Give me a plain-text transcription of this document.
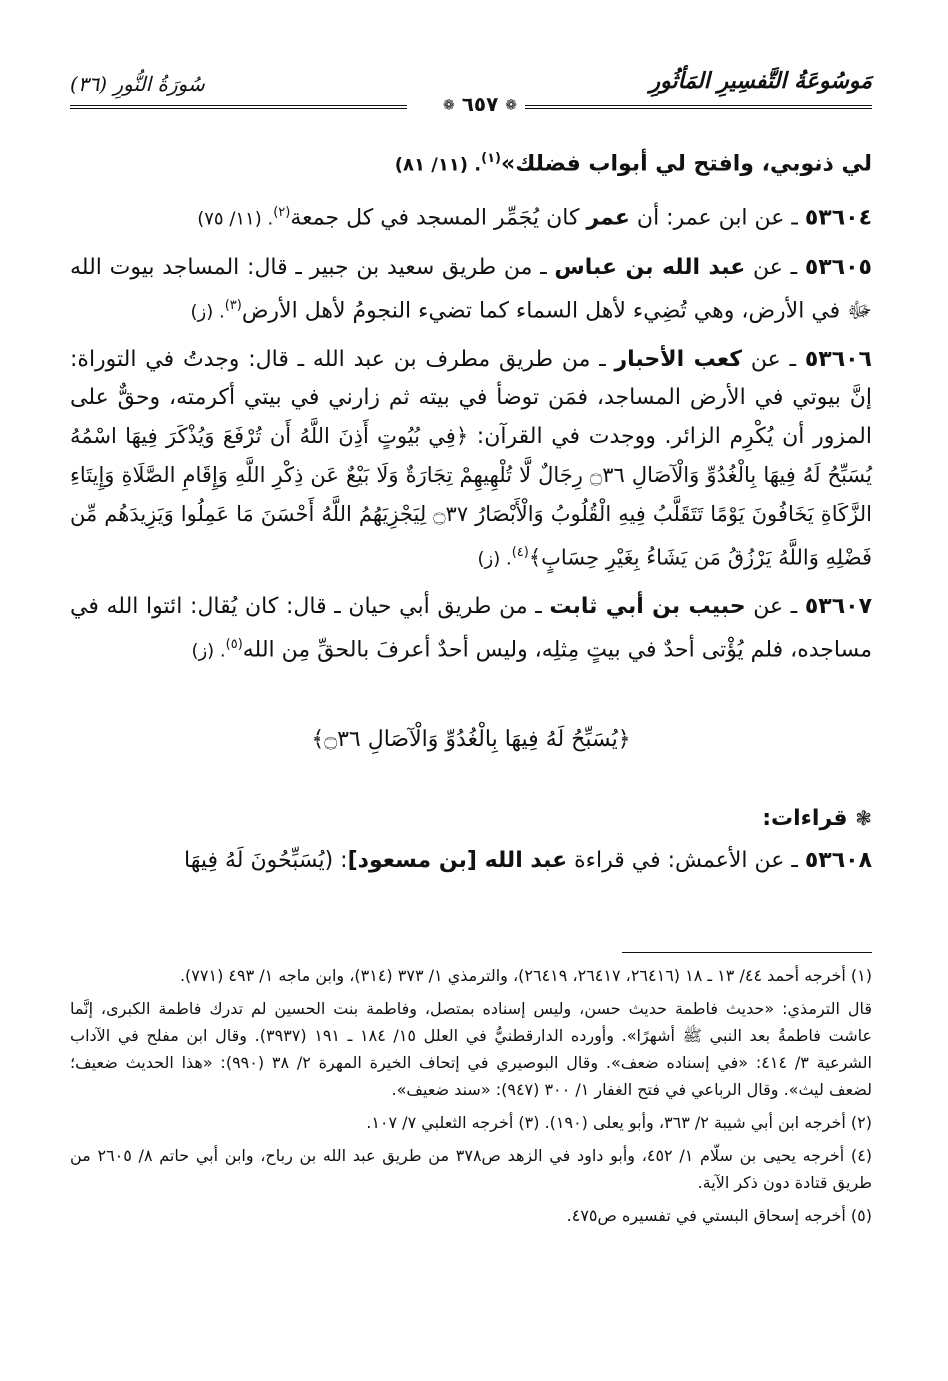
مَوسُوعَةُ التَّفسِيرِ المَأثُورِ
سُورَةُ النُّورِ (٣٦)
❁ ٦٥٧ ❁

لي ذنوبي، وافتح لي أبواب فضلك»$^{(١)}$. (١١/ ٨١)

٥٣٦٠٤ ـ عن ابن عمر: أن عمر كان يُجَمِّر المسجد في كل جمعة$^{(٢)}$. (١١/ ٧٥)

٥٣٦٠٥ ـ عن عبد الله بن عباس ـ من طريق سعيد بن جبير ـ قال: المساجد بيوت الله ﷻ في الأرض، وهي تُضِيء لأهل السماء كما تضيء النجومُ لأهل الأرض$^{(٣)}$. (ز)

٥٣٦٠٦ ـ عن كعب الأحبار ـ من طريق مطرف بن عبد الله ـ قال: وجدتُ في التوراة: إنَّ بيوتي في الأرض المساجد، فمَن توضأ في بيته ثم زارني في بيتي أكرمته، وحقٌّ على المزور أن يُكْرِم الزائر. ووجدت في القرآن: ﴿فِي بُيُوتٍ أَذِنَ اللَّهُ أَن تُرْفَعَ وَيُذْكَرَ فِيهَا اسْمُهُ يُسَبِّحُ لَهُ فِيهَا بِالْغُدُوِّ وَالْآصَالِ ۝٣٦ رِجَالٌ لَّا تُلْهِيهِمْ تِجَارَةٌ وَلَا بَيْعٌ عَن ذِكْرِ اللَّهِ وَإِقَامِ الصَّلَاةِ وَإِيتَاءِ الزَّكَاةِ يَخَافُونَ يَوْمًا تَتَقَلَّبُ فِيهِ الْقُلُوبُ وَالْأَبْصَارُ ۝٣٧ لِيَجْزِيَهُمُ اللَّهُ أَحْسَنَ مَا عَمِلُوا وَيَزِيدَهُم مِّن فَضْلِهِ وَاللَّهُ يَرْزُقُ مَن يَشَاءُ بِغَيْرِ حِسَابٍ﴾$^{(٤)}$. (ز)

٥٣٦٠٧ ـ عن حبيب بن أبي ثابت ـ من طريق أبي حيان ـ قال: كان يُقال: ائتوا الله في مساجده، فلم يُؤْتى أحدٌ في بيتٍ مِثلِه، وليس أحدٌ أعرفَ بالحقِّ مِن الله$^{(٥)}$. (ز)

﴿يُسَبِّحُ لَهُ فِيهَا بِالْغُدُوِّ وَالْآصَالِ ۝٣٦﴾
❃ قراءات:

٥٣٦٠٨ ـ عن الأعمش: في قراءة عبد الله [بن مسعود]: (يُسَبِّحُونَ لَهُ فِيهَا

(١) أخرجه أحمد ٤٤/ ١٣ ـ ١٨ (٢٦٤١٦، ٢٦٤١٧، ٢٦٤١٩)، والترمذي ١/ ٣٧٣ (٣١٤)، وابن ماجه ١/ ٤٩٣ (٧٧١).

قال الترمذي: «حديث فاطمة حديث حسن، وليس إسناده بمتصل، وفاطمة بنت الحسين لم تدرك فاطمة الكبرى، إنَّما عاشت فاطمةُ بعد النبي ﷺ أشهرًا». وأورده الدارقطنيُّ في العلل ١٥/ ١٨٤ ـ ١٩١ (٣٩٣٧). وقال ابن مفلح في الآداب الشرعية ٣/ ٤١٤: «في إسناده ضعف». وقال البوصيري في إتحاف الخيرة المهرة ٢/ ٣٨ (٩٩٠): «هذا الحديث ضعيف؛ لضعف ليث». وقال الرباعي في فتح الغفار ١/ ٣٠٠ (٩٤٧): «سند ضعيف».

(٢) أخرجه ابن أبي شيبة ٢/ ٣٦٣، وأبو يعلى (١٩٠). (٣) أخرجه الثعلبي ٧/ ١٠٧.

(٤) أخرجه يحيى بن سلّام ١/ ٤٥٢، وأبو داود في الزهد ص٣٧٨ من طريق عبد الله بن رباح، وابن أبي حاتم ٨/ ٢٦٠٥ من طريق قتادة دون ذكر الآية.

(٥) أخرجه إسحاق البستي في تفسيره ص٤٧٥.
